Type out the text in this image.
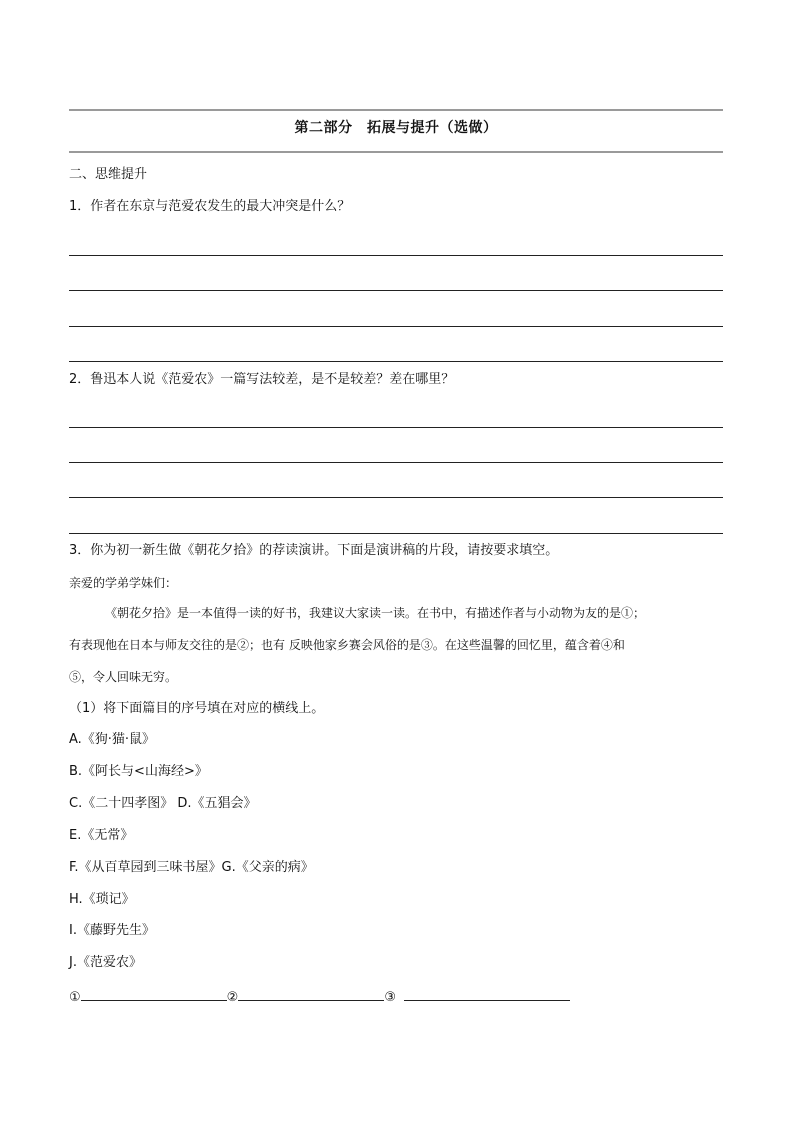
第二部分　拓展与提升（选做）
二、思维提升
1．作者在东京与范爱农发生的最大冲突是什么？
2．鲁迅本人说《范爱农》一篇写法较差，是不是较差？差在哪里？
3．你为初一新生做《朝花夕拾》的荐读演讲。下面是演讲稿的片段，请按要求填空。
亲爱的学弟学妹们：
《朝花夕拾》是一本值得一读的好书，我建议大家读一读。在书中，有描述作者与小动物为友的是①；
有表现他在日本与师友交往的是②；也有 反映他家乡赛会风俗的是③。在这些温馨的回忆里，蕴含着④和
⑤，令人回味无穷。
（1）将下面篇目的序号填在对应的横线上。
A.《狗·猫·鼠》
B.《阿长与<山海经>》
C.《二十四孝图》 D.《五猖会》
E.《无常》
F.《从百草园到三味书屋》G.《父亲的病》
H.《琐记》
I.《藤野先生》
J.《范爱农》
①	②	③
